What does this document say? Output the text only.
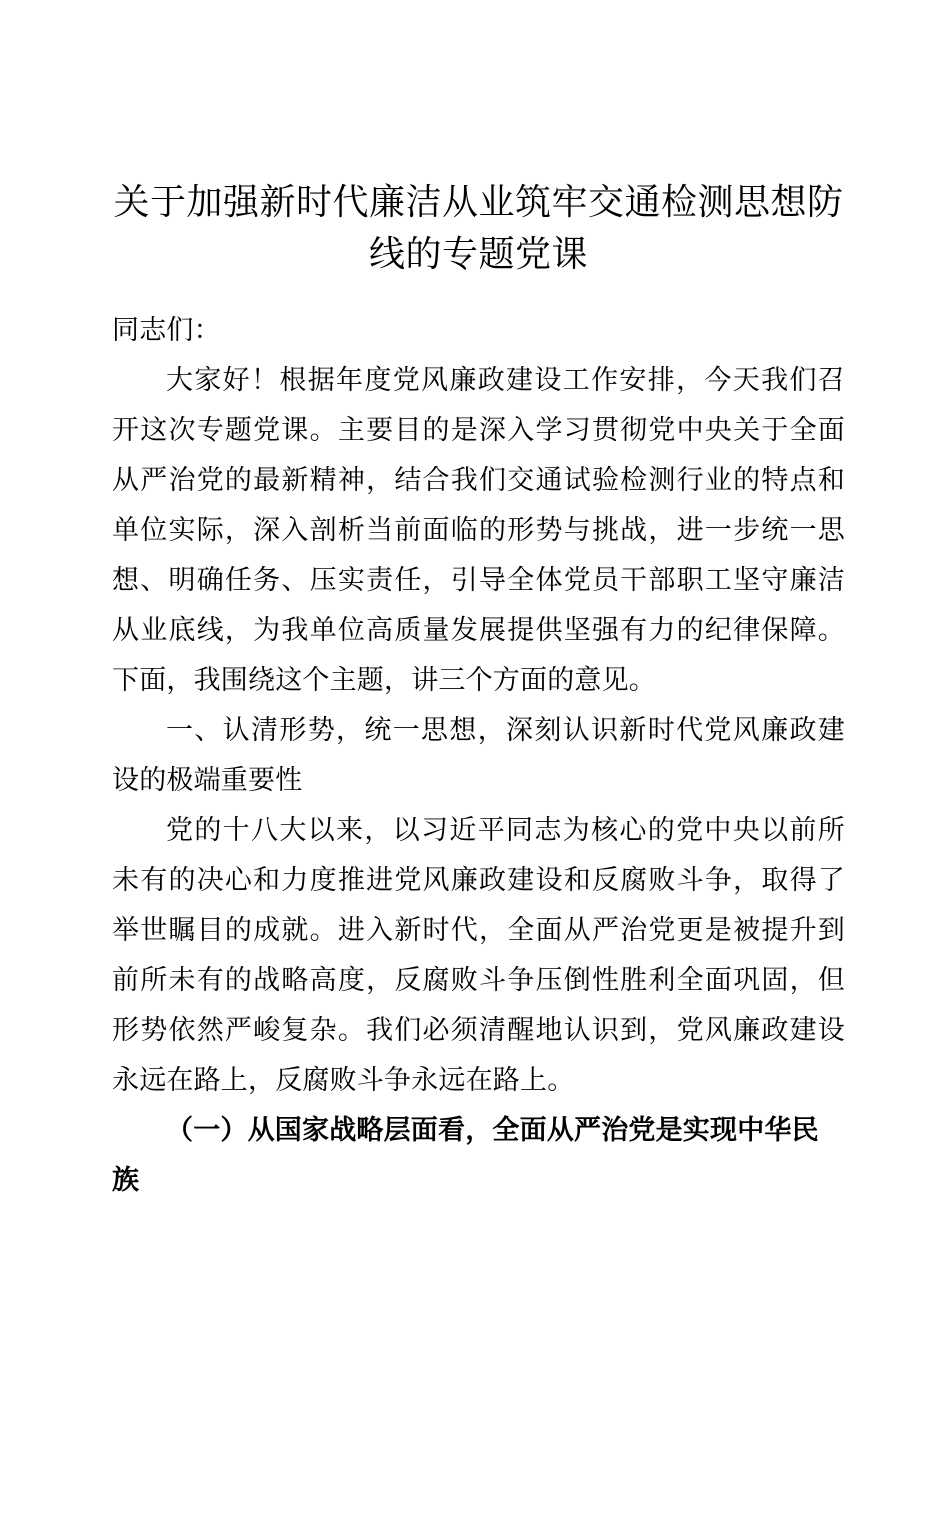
关于加强新时代廉洁从业筑牢交通检测思想防
线的专题党课

同志们：

大家好！根据年度党风廉政建设工作安排，今天我们召开这次专题党课。主要目的是深入学习贯彻党中央关于全面从严治党的最新精神，结合我们交通试验检测行业的特点和单位实际，深入剖析当前面临的形势与挑战，进一步统一思想、明确任务、压实责任，引导全体党员干部职工坚守廉洁从业底线，为我单位高质量发展提供坚强有力的纪律保障。下面，我围绕这个主题，讲三个方面的意见。

一、认清形势，统一思想，深刻认识新时代党风廉政建设的极端重要性

党的十八大以来，以习近平同志为核心的党中央以前所未有的决心和力度推进党风廉政建设和反腐败斗争，取得了举世瞩目的成就。进入新时代，全面从严治党更是被提升到前所未有的战略高度，反腐败斗争压倒性胜利全面巩固，但形势依然严峻复杂。我们必须清醒地认识到，党风廉政建设永远在路上，反腐败斗争永远在路上。

（一）从国家战略层面看，全面从严治党是实现中华民族
